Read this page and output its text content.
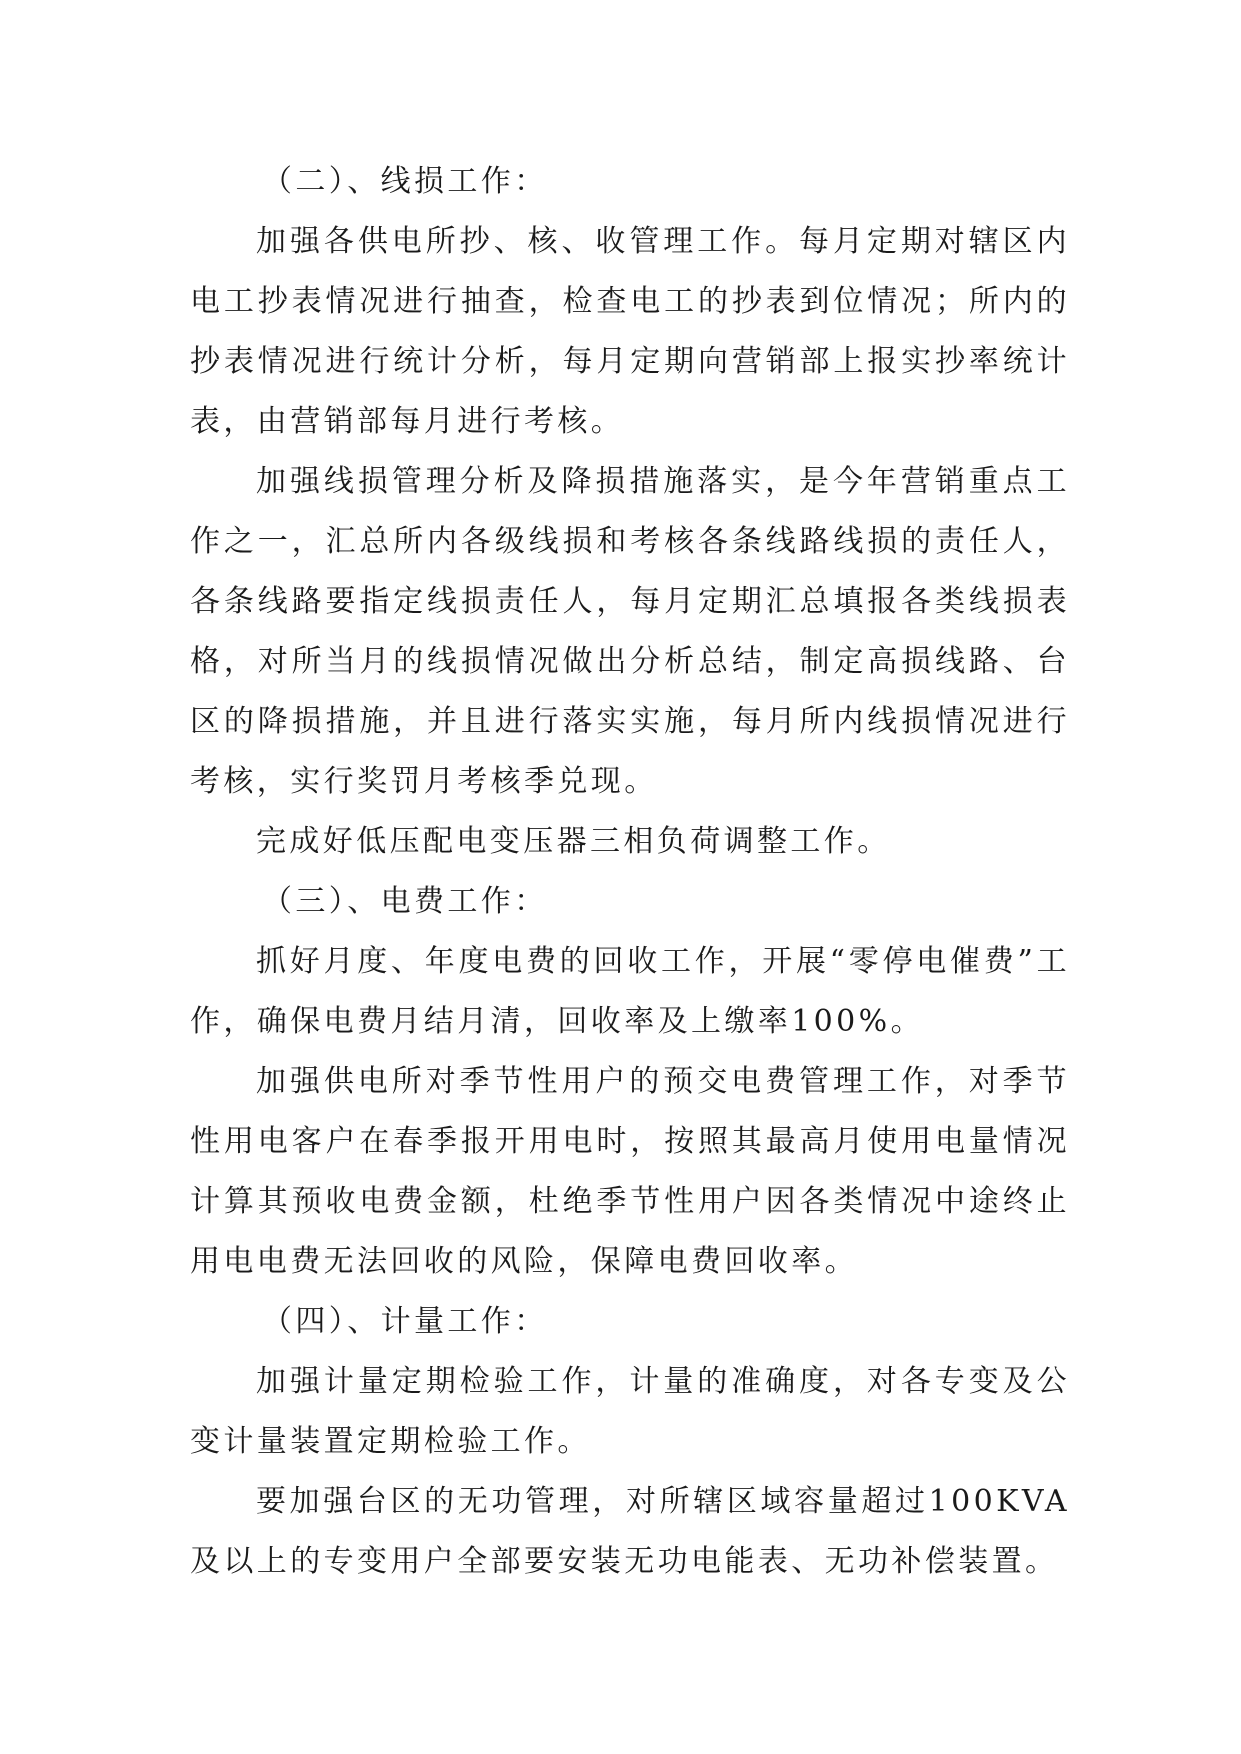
（二）、线损工作：

加强各供电所抄、核、收管理工作。每月定期对辖区内电工抄表情况进行抽查，检查电工的抄表到位情况；所内的抄表情况进行统计分析，每月定期向营销部上报实抄率统计表，由营销部每月进行考核。

加强线损管理分析及降损措施落实，是今年营销重点工作之一，汇总所内各级线损和考核各条线路线损的责任人，各条线路要指定线损责任人，每月定期汇总填报各类线损表格，对所当月的线损情况做出分析总结，制定高损线路、台区的降损措施，并且进行落实实施，每月所内线损情况进行考核，实行奖罚月考核季兑现。

完成好低压配电变压器三相负荷调整工作。

（三）、电费工作：

抓好月度、年度电费的回收工作，开展“零停电催费”工作，确保电费月结月清，回收率及上缴率100%。

加强供电所对季节性用户的预交电费管理工作，对季节性用电客户在春季报开用电时，按照其最高月使用电量情况计算其预收电费金额，杜绝季节性用户因各类情况中途终止用电电费无法回收的风险，保障电费回收率。

（四）、计量工作：

加强计量定期检验工作，计量的准确度，对各专变及公变计量装置定期检验工作。

要加强台区的无功管理，对所辖区域容量超过100KVA及以上的专变用户全部要安装无功电能表、无功补偿装置。
